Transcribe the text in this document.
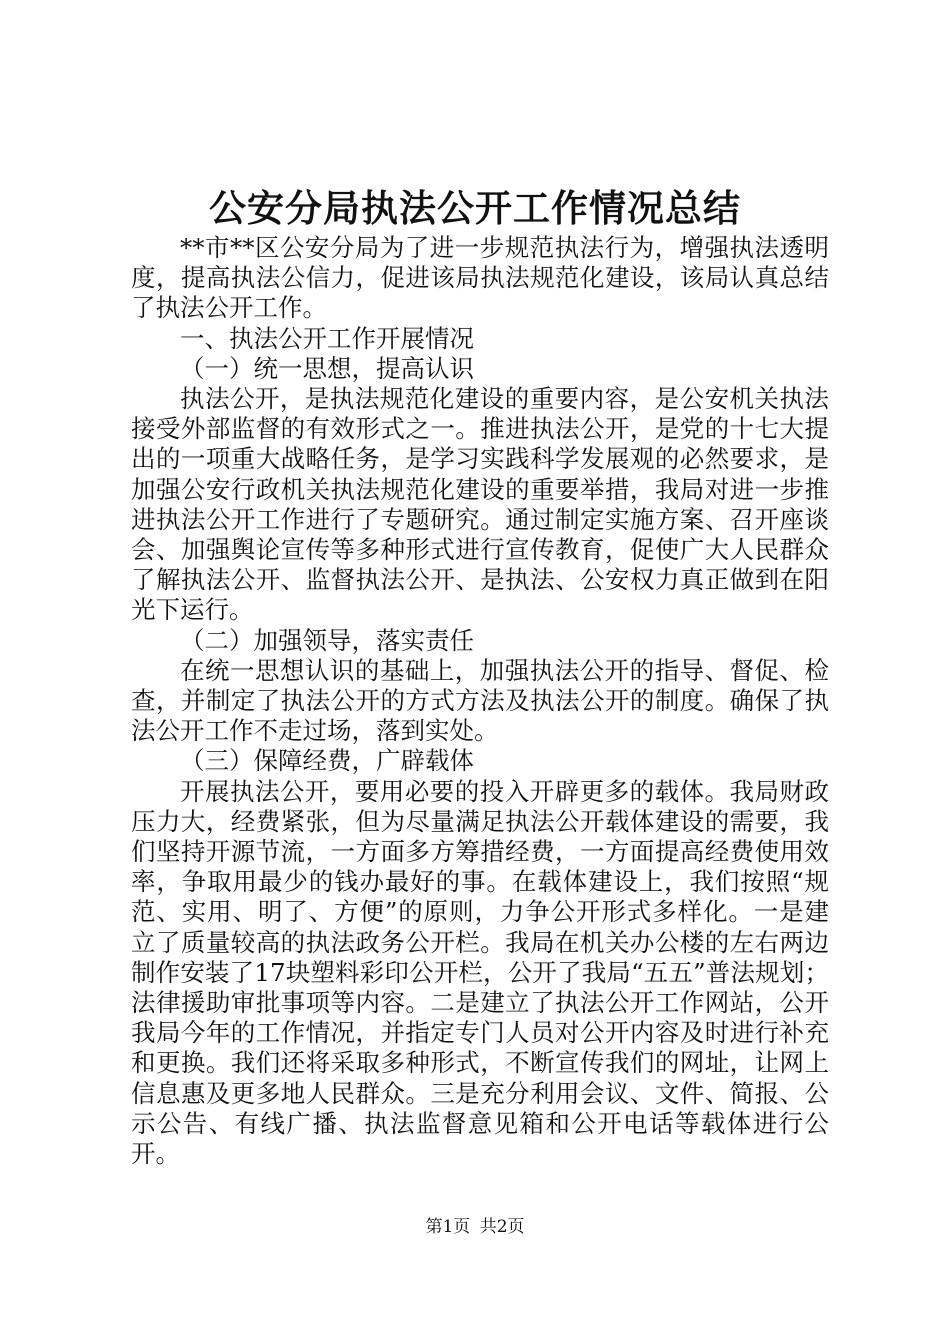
公安分局执法公开工作情况总结

**市**区公安分局为了进一步规范执法行为，增强执法透明度，提高执法公信力，促进该局执法规范化建设，该局认真总结了执法公开工作。

一、执法公开工作开展情况

（一）统一思想，提高认识

执法公开，是执法规范化建设的重要内容，是公安机关执法接受外部监督的有效形式之一。推进执法公开，是党的十七大提出的一项重大战略任务，是学习实践科学发展观的必然要求，是加强公安行政机关执法规范化建设的重要举措，我局对进一步推进执法公开工作进行了专题研究。通过制定实施方案、召开座谈会、加强舆论宣传等多种形式进行宣传教育，促使广大人民群众了解执法公开、监督执法公开、是执法、公安权力真正做到在阳光下运行。

（二）加强领导，落实责任

在统一思想认识的基础上，加强执法公开的指导、督促、检查，并制定了执法公开的方式方法及执法公开的制度。确保了执法公开工作不走过场，落到实处。

（三）保障经费，广辟载体

开展执法公开，要用必要的投入开辟更多的载体。我局财政压力大，经费紧张，但为尽量满足执法公开载体建设的需要，我们坚持开源节流，一方面多方筹措经费，一方面提高经费使用效率，争取用最少的钱办最好的事。在载体建设上，我们按照“规范、实用、明了、方便”的原则，力争公开形式多样化。一是建立了质量较高的执法政务公开栏。我局在机关办公楼的左右两边制作安装了17块塑料彩印公开栏，公开了我局“五五”普法规划；法律援助审批事项等内容。二是建立了执法公开工作网站，公开我局今年的工作情况，并指定专门人员对公开内容及时进行补充和更换。我们还将采取多种形式，不断宣传我们的网址，让网上信息惠及更多地人民群众。三是充分利用会议、文件、简报、公示公告、有线广播、执法监督意见箱和公开电话等载体进行公开。

第1页 共2页
